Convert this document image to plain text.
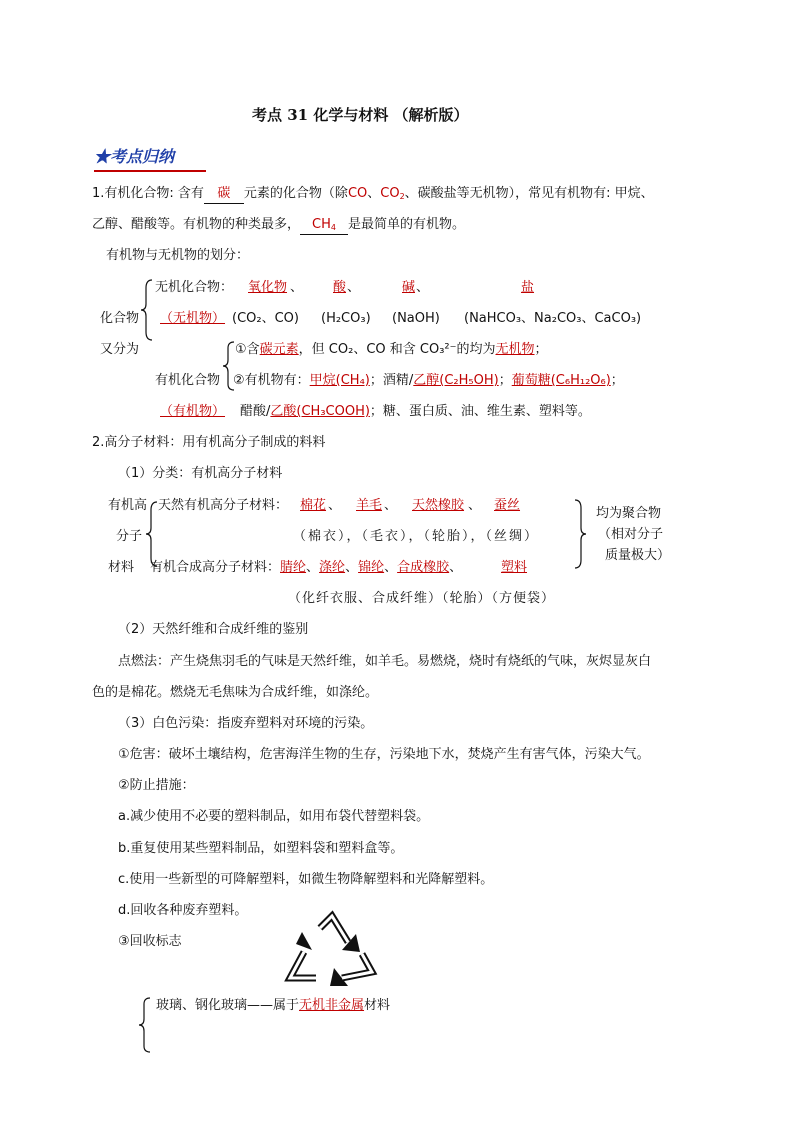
考点 31 化学与材料 （解析版）
★考点归纳
1.有机化合物: 含有 碳 元素的化合物（除CO、$CO_2$、碳酸盐等无机物），常见有机物有: 甲烷、
乙醇、醋酸等。有机物的种类最多， $CH_4$ 是最简单的有机物。
有机物与无机物的划分：
无机化合物： 氧化物 、 酸 、	碱 、	盐
化合物 （无机物） (CO₂、CO) (H₂CO₃) (NaOH) (NaHCO₃、Na₂CO₃、CaCO₃)
又分为	①含碳元素，但 CO₂、CO 和含 CO₃²⁻的均为无机物；
有机化合物 ②有机物有：甲烷(CH₄)；酒精/乙醇(C₂H₅OH)；葡萄糖(C₆H₁₂O₆)；
（有机物） 醋酸/乙酸(CH₃COOH)；糖、蛋白质、油、维生素、塑料等。
2.高分子材料：用有机高分子制成的料料
（1）分类：有机高分子材料
有机高
分子
材料
天然有机高分子材料： 棉花 、 羊毛 、 天然橡胶 、 蚕丝
（棉衣），（毛衣），（轮胎），（丝绸）
有机合成高分子材料：腈纶、涤纶、锦纶、合成橡胶、	塑料
（化纤衣服、合成纤维）（轮胎）（方便袋）
均为聚合物
（相对分子
质量极大）
（2）天然纤维和合成纤维的鉴别
点燃法：产生烧焦羽毛的气味是天然纤维，如羊毛。易燃烧，烧时有烧纸的气味，灰烬显灰白
色的是棉花。燃烧无毛焦味为合成纤维，如涤纶。
（3）白色污染：指废弃塑料对环境的污染。
①危害：破坏土壤结构，危害海洋生物的生存，污染地下水，焚烧产生有害气体，污染大气。
②防止措施：
a.减少使用不必要的塑料制品，如用布袋代替塑料袋。
b.重复使用某些塑料制品，如塑料袋和塑料盒等。
c.使用一些新型的可降解塑料，如微生物降解塑料和光降解塑料。
d.回收各种废弃塑料。
③回收标志
玻璃、钢化玻璃——属于无机非金属材料
